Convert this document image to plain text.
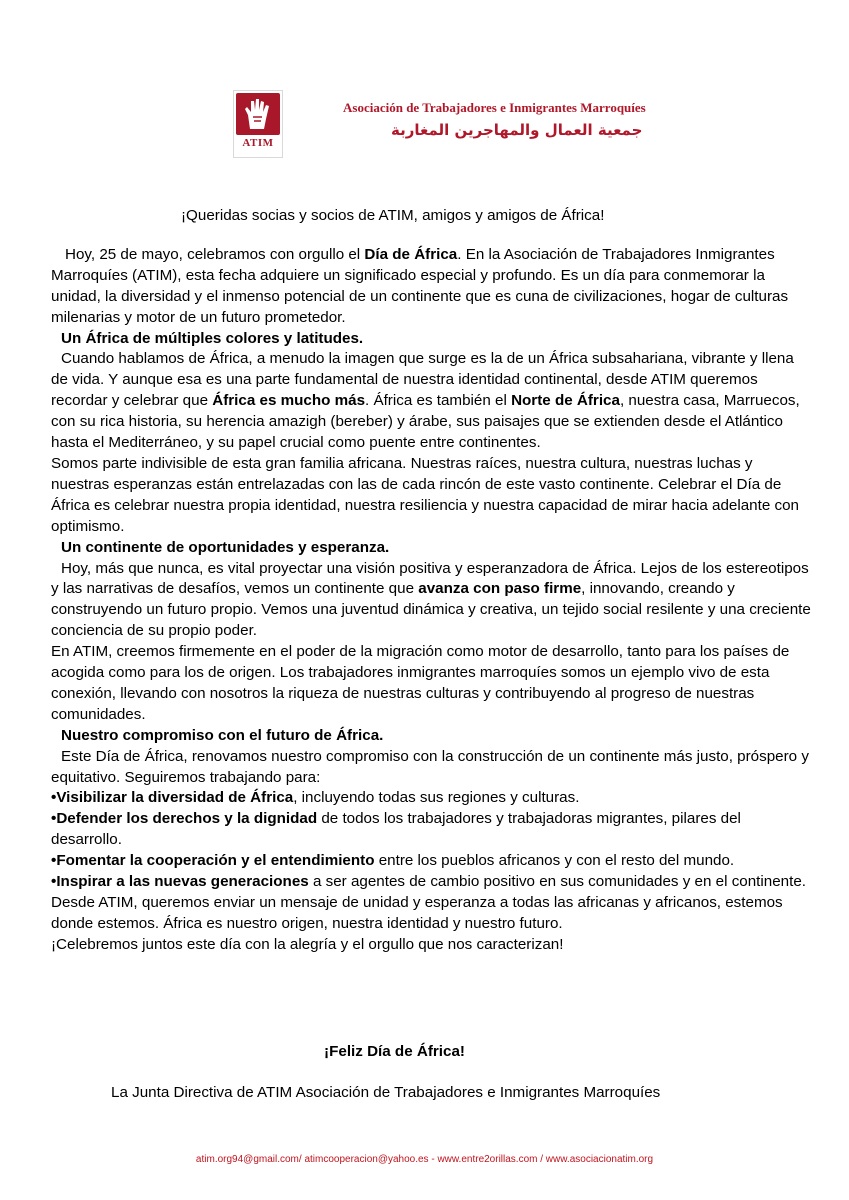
ATIM
Asociación de Trabajadores e Inmigrantes Marroquíes
جمعية العمال والمهاجرين المغاربة

¡Queridas socias y socios de ATIM, amigos y amigos de África!

Hoy, 25 de mayo, celebramos con orgullo el Día de África. En la Asociación de Trabajadores Inmigrantes Marroquíes (ATIM), esta fecha adquiere un significado especial y profundo. Es un día para conmemorar la unidad, la diversidad y el inmenso potencial de un continente que es cuna de civilizaciones, hogar de culturas milenarias y motor de un futuro prometedor.

Un África de múltiples colores y latitudes.

Cuando hablamos de África, a menudo la imagen que surge es la de un África subsahariana, vibrante y llena de vida. Y aunque esa es una parte fundamental de nuestra identidad continental, desde ATIM queremos recordar y celebrar que África es mucho más. África es también el Norte de África, nuestra casa, Marruecos, con su rica historia, su herencia amazigh (bereber) y árabe, sus paisajes que se extienden desde el Atlántico hasta el Mediterráneo, y su papel crucial como puente entre continentes.

Somos parte indivisible de esta gran familia africana. Nuestras raíces, nuestra cultura, nuestras luchas y nuestras esperanzas están entrelazadas con las de cada rincón de este vasto continente. Celebrar el Día de África es celebrar nuestra propia identidad, nuestra resiliencia y nuestra capacidad de mirar hacia adelante con optimismo.

Un continente de oportunidades y esperanza.

Hoy, más que nunca, es vital proyectar una visión positiva y esperanzadora de África. Lejos de los estereotipos y las narrativas de desafíos, vemos un continente que avanza con paso firme, innovando, creando y construyendo un futuro propio. Vemos una juventud dinámica y creativa, un tejido social resilente y una creciente conciencia de su propio poder.

En ATIM, creemos firmemente en el poder de la migración como motor de desarrollo, tanto para los países de acogida como para los de origen. Los trabajadores inmigrantes marroquíes somos un ejemplo vivo de esta conexión, llevando con nosotros la riqueza de nuestras culturas y contribuyendo al progreso de nuestras comunidades.

Nuestro compromiso con el futuro de África.

Este Día de África, renovamos nuestro compromiso con la construcción de un continente más justo, próspero y equitativo. Seguiremos trabajando para:

•Visibilizar la diversidad de África, incluyendo todas sus regiones y culturas.

•Defender los derechos y la dignidad de todos los trabajadores y trabajadoras migrantes, pilares del desarrollo.

•Fomentar la cooperación y el entendimiento entre los pueblos africanos y con el resto del mundo.

•Inspirar a las nuevas generaciones a ser agentes de cambio positivo en sus comunidades y en el continente.

Desde ATIM, queremos enviar un mensaje de unidad y esperanza a todas las africanas y africanos, estemos donde estemos. África es nuestro origen, nuestra identidad y nuestro futuro.

¡Celebremos juntos este día con la alegría y el orgullo que nos caracterizan!

¡Feliz Día de África!
La Junta Directiva de ATIM Asociación de Trabajadores e Inmigrantes Marroquíes
atim.org94@gmail.com/ atimcooperacion@yahoo.es - www.entre2orillas.com / www.asociacionatim.org
